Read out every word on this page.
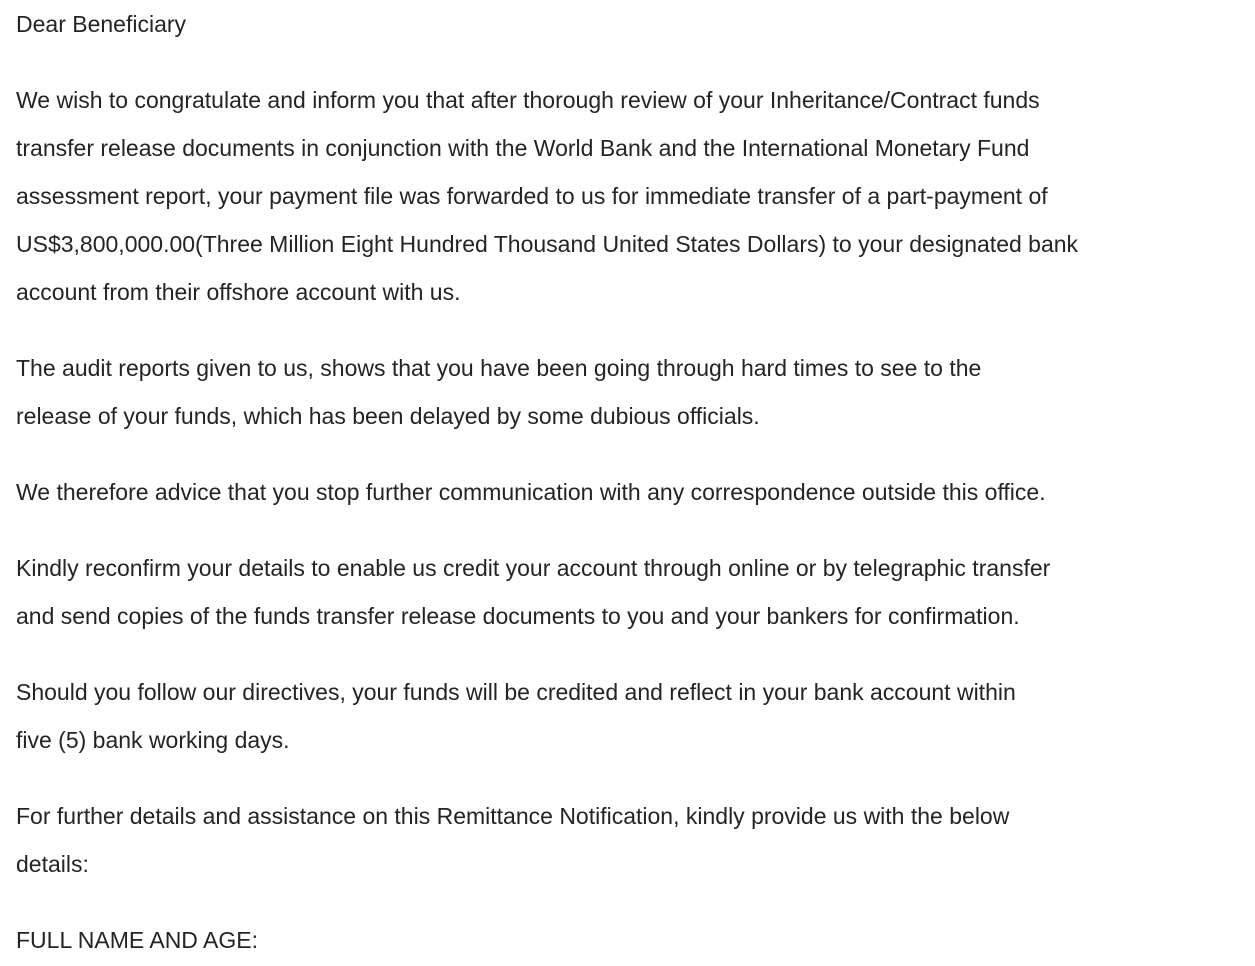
Dear Beneficiary

We wish to congratulate and inform you that after thorough review of your Inheritance/Contract funds
transfer release documents in conjunction with the World Bank and the International Monetary Fund
assessment report, your payment file was forwarded to us for immediate transfer of a part-payment of
US$3,800,000.00(Three Million Eight Hundred Thousand United States Dollars) to your designated bank
account from their offshore account with us.

The audit reports given to us, shows that you have been going through hard times to see to the
release of your funds, which has been delayed by some dubious officials.

We therefore advice that you stop further communication with any correspondence outside this office.

Kindly reconfirm your details to enable us credit your account through online or by telegraphic transfer
and send copies of the funds transfer release documents to you and your bankers for confirmation.

Should you follow our directives, your funds will be credited and reflect in your bank account within
five (5) bank working days.

For further details and assistance on this Remittance Notification, kindly provide us with the below
details:

FULL NAME AND AGE:
